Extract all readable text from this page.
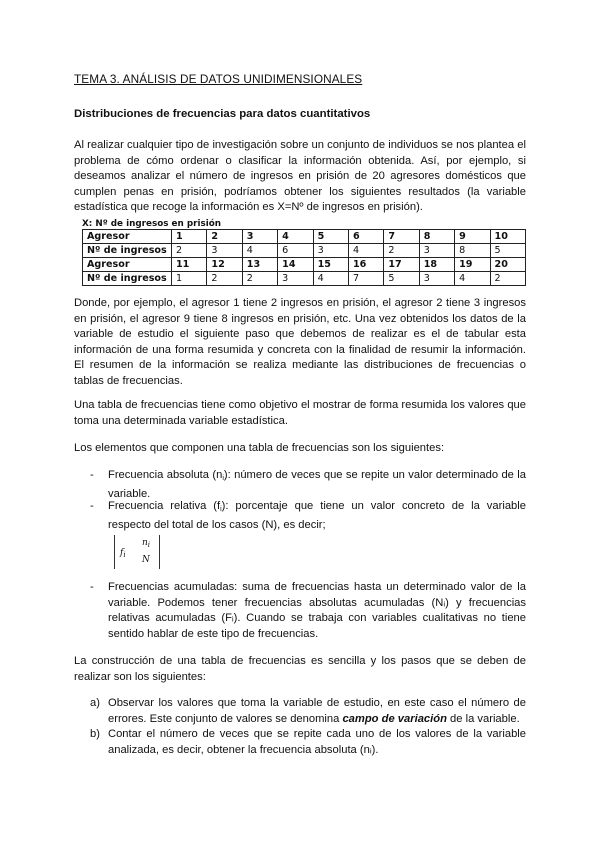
TEMA 3. ANÁLISIS DE DATOS UNIDIMENSIONALES
Distribuciones de frecuencias para datos cuantitativos
Al realizar cualquier tipo de investigación sobre un conjunto de individuos se nos plantea el problema de cómo ordenar o clasificar la información obtenida. Así, por ejemplo, si deseamos analizar el número de ingresos en prisión de 20 agresores domésticos que cumplen penas en prisión, podríamos obtener los siguientes resultados (la variable estadística que recoge la información es X=Nº de ingresos en prisión).
X: Nº de ingresos en prisión
Agresor	1	2	3	4	5	6	7	8	9	10
Nº de ingresos	2	3	4	6	3	4	2	3	8	5
Agresor	11	12	13	14	15	16	17	18	19	20
Nº de ingresos	1	2	2	3	4	7	5	3	4	2
Donde, por ejemplo, el agresor 1 tiene 2 ingresos en prisión, el agresor 2 tiene 3 ingresos en prisión, el agresor 9 tiene 8 ingresos en prisión, etc. Una vez obtenidos los datos de la variable de estudio el siguiente paso que debemos de realizar es el de tabular esta información de una forma resumida y concreta con la finalidad de resumir la información. El resumen de la información se realiza mediante las distribuciones de frecuencias o tablas de frecuencias.
Una tabla de frecuencias tiene como objetivo el mostrar de forma resumida los valores que toma una determinada variable estadística.
Los elementos que componen una tabla de frecuencias son los siguientes:
- Frecuencia absoluta $(n_i)$: número de veces que se repite un valor determinado de la variable.
- Frecuencia relativa $(f_i)$: porcentaje que tiene un valor concreto de la variable respecto del total de los casos (N), es decir;
$f_i$
$n_i$
N
- Frecuencias acumuladas: suma de frecuencias hasta un determinado valor de la variable. Podemos tener frecuencias absolutas acumuladas (Nᵢ) y frecuencias relativas acumuladas (Fᵢ). Cuando se trabaja con variables cualitativas no tiene sentido hablar de este tipo de frecuencias.
La construcción de una tabla de frecuencias es sencilla y los pasos que se deben de realizar son los siguientes:
a) Observar los valores que toma la variable de estudio, en este caso el número de errores. Este conjunto de valores se denomina campo de variación de la variable.
b) Contar el número de veces que se repite cada uno de los valores de la variable analizada, es decir, obtener la frecuencia absoluta (nᵢ).
